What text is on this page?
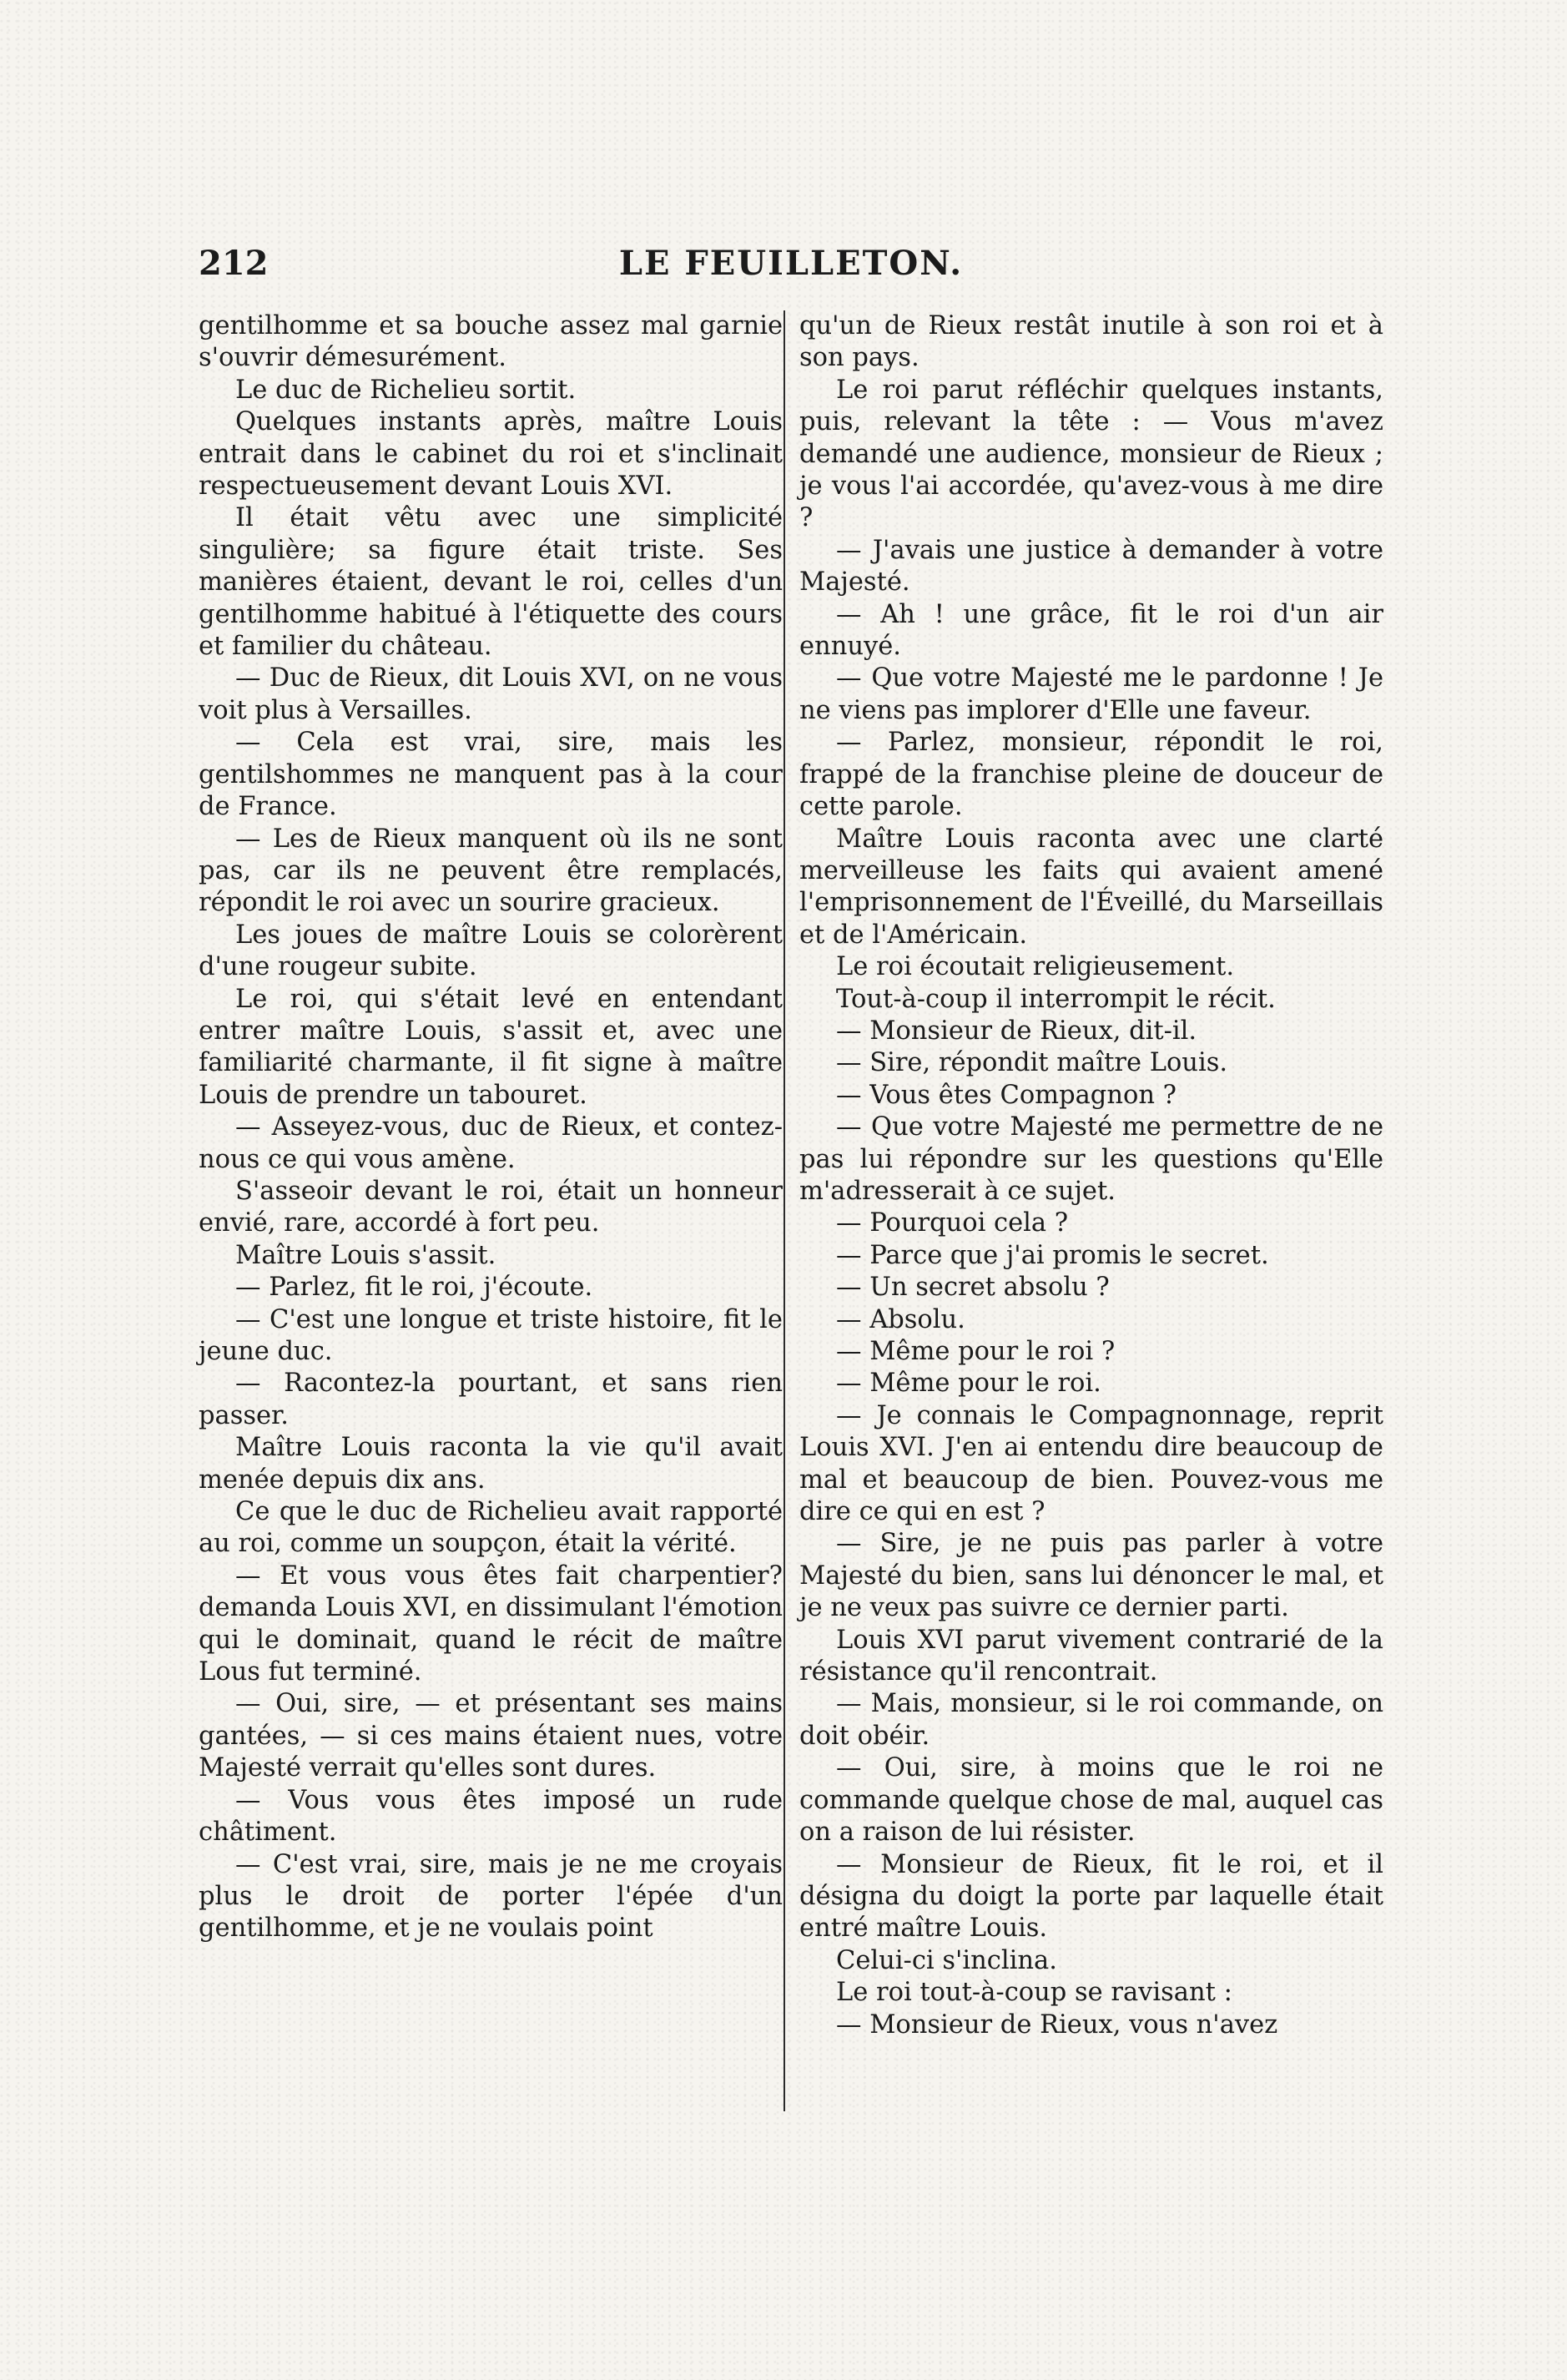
212	LE FEUILLETON.

gentilhomme et sa bouche assez mal garnie s'ouvrir démesurément.

Le duc de Richelieu sortit.

Quelques instants après, maître Louis entrait dans le cabinet du roi et s'inclinait respectueusement devant Louis XVI.

Il était vêtu avec une simplicité singulière; sa figure était triste. Ses manières étaient, devant le roi, celles d'un gentilhomme habitué à l'étiquette des cours et familier du château.

— Duc de Rieux, dit Louis XVI, on ne vous voit plus à Versailles.

— Cela est vrai, sire, mais les gentilshommes ne manquent pas à la cour de France.

— Les de Rieux manquent où ils ne sont pas, car ils ne peuvent être remplacés, répondit le roi avec un sourire gracieux.

Les joues de maître Louis se colorèrent d'une rougeur subite.

Le roi, qui s'était levé en entendant entrer maître Louis, s'assit et, avec une familiarité charmante, il fit signe à maître Louis de prendre un tabouret.

— Asseyez-vous, duc de Rieux, et contez-nous ce qui vous amène.

S'asseoir devant le roi, était un honneur envié, rare, accordé à fort peu.

Maître Louis s'assit.

— Parlez, fit le roi, j'écoute.

— C'est une longue et triste histoire, fit le jeune duc.

— Racontez-la pourtant, et sans rien passer.

Maître Louis raconta la vie qu'il avait menée depuis dix ans.

Ce que le duc de Richelieu avait rapporté au roi, comme un soupçon, était la vérité.

— Et vous vous êtes fait charpentier? demanda Louis XVI, en dissimulant l'émotion qui le dominait, quand le récit de maître Lous fut terminé.

— Oui, sire, — et présentant ses mains gantées, — si ces mains étaient nues, votre Majesté verrait qu'elles sont dures.

— Vous vous êtes imposé un rude châtiment.

— C'est vrai, sire, mais je ne me croyais plus le droit de porter l'épée d'un gentilhomme, et je ne voulais point

qu'un de Rieux restât inutile à son roi et à son pays.

Le roi parut réfléchir quelques instants, puis, relevant la tête : — Vous m'avez demandé une audience, monsieur de Rieux ; je vous l'ai accordée, qu'avez-vous à me dire ?

— J'avais une justice à demander à votre Majesté.

— Ah ! une grâce, fit le roi d'un air ennuyé.

— Que votre Majesté me le pardonne ! Je ne viens pas implorer d'Elle une faveur.

— Parlez, monsieur, répondit le roi, frappé de la franchise pleine de douceur de cette parole.

Maître Louis raconta avec une clarté merveilleuse les faits qui avaient amené l'emprisonnement de l'Éveillé, du Marseillais et de l'Américain.

Le roi écoutait religieusement.

Tout-à-coup il interrompit le récit.

— Monsieur de Rieux, dit-il.

— Sire, répondit maître Louis.

— Vous êtes Compagnon ?

— Que votre Majesté me permettre de ne pas lui répondre sur les questions qu'Elle m'adresserait à ce sujet.

— Pourquoi cela ?

— Parce que j'ai promis le secret.

— Un secret absolu ?

— Absolu.

— Même pour le roi ?

— Même pour le roi.

— Je connais le Compagnonnage, reprit Louis XVI. J'en ai entendu dire beaucoup de mal et beaucoup de bien. Pouvez-vous me dire ce qui en est ?

— Sire, je ne puis pas parler à votre Majesté du bien, sans lui dénoncer le mal, et je ne veux pas suivre ce dernier parti.

Louis XVI parut vivement contrarié de la résistance qu'il rencontrait.

— Mais, monsieur, si le roi commande, on doit obéir.

— Oui, sire, à moins que le roi ne commande quelque chose de mal, auquel cas on a raison de lui résister.

— Monsieur de Rieux, fit le roi, et il désigna du doigt la porte par laquelle était entré maître Louis.

Celui-ci s'inclina.

Le roi tout-à-coup se ravisant :

— Monsieur de Rieux, vous n'avez
